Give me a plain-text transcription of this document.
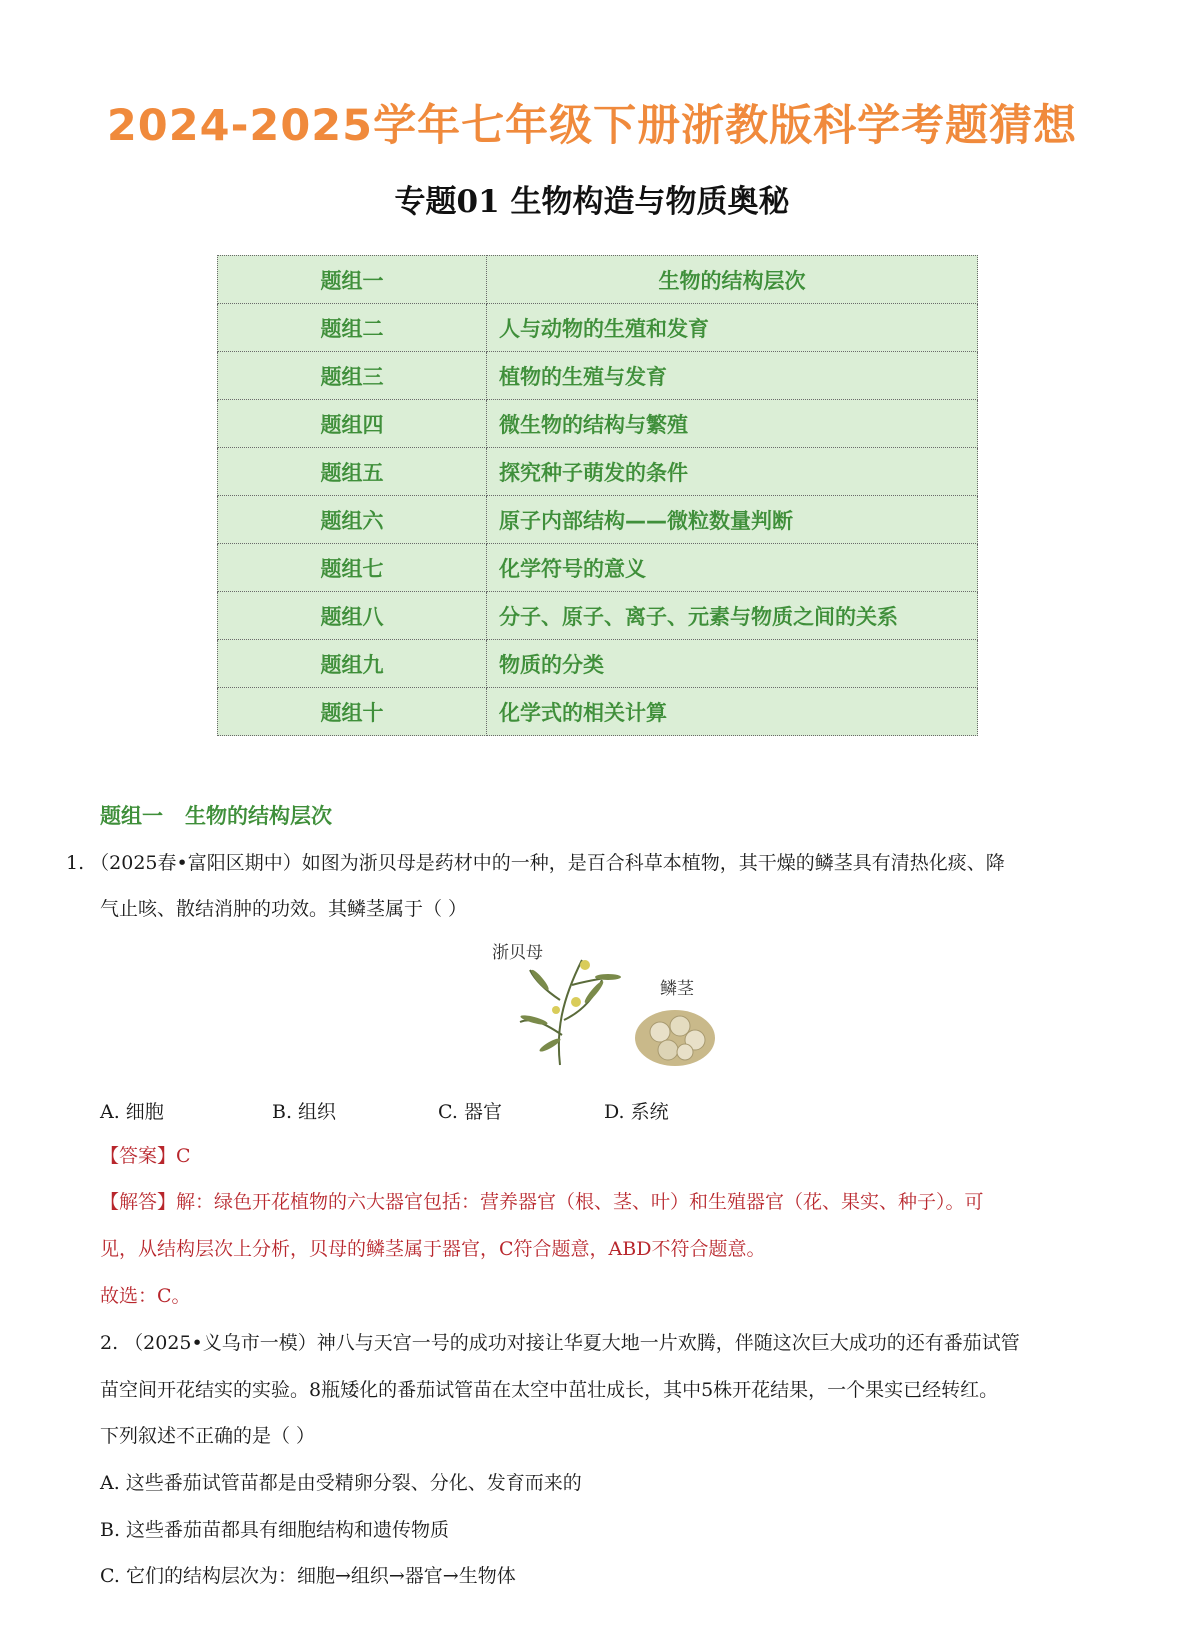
2024-2025学年七年级下册浙教版科学考题猜想
专题01 生物构造与物质奥秘
题组一	生物的结构层次
题组二	人与动物的生殖和发育
题组三	植物的生殖与发育
题组四	微生物的结构与繁殖
题组五	探究种子萌发的条件
题组六	原子内部结构——微粒数量判断
题组七	化学符号的意义
题组八	分子、原子、离子、元素与物质之间的关系
题组九	物质的分类
题组十	化学式的相关计算
题组一 生物的结构层次
1. （2025春•富阳区期中）如图为浙贝母是药材中的一种，是百合科草本植物，其干燥的鳞茎具有清热化痰、降
气止咳、散结消肿的功效。其鳞茎属于（ ）
浙贝母
鳞茎
A. 细胞	B. 组织	C. 器官	D. 系统
【答案】C
【解答】解：绿色开花植物的六大器官包括：营养器官（根、茎、叶）和生殖器官（花、果实、种子）。可
见，从结构层次上分析，贝母的鳞茎属于器官，C符合题意，ABD不符合题意。
故选：C。
2. （2025•义乌市一模）神八与天宫一号的成功对接让华夏大地一片欢腾，伴随这次巨大成功的还有番茄试管
苗空间开花结实的实验。8瓶矮化的番茄试管苗在太空中茁壮成长，其中5株开花结果，一个果实已经转红。
下列叙述不正确的是（ ）
A. 这些番茄试管苗都是由受精卵分裂、分化、发育而来的
B. 这些番茄苗都具有细胞结构和遗传物质
C. 它们的结构层次为：细胞→组织→器官→生物体
